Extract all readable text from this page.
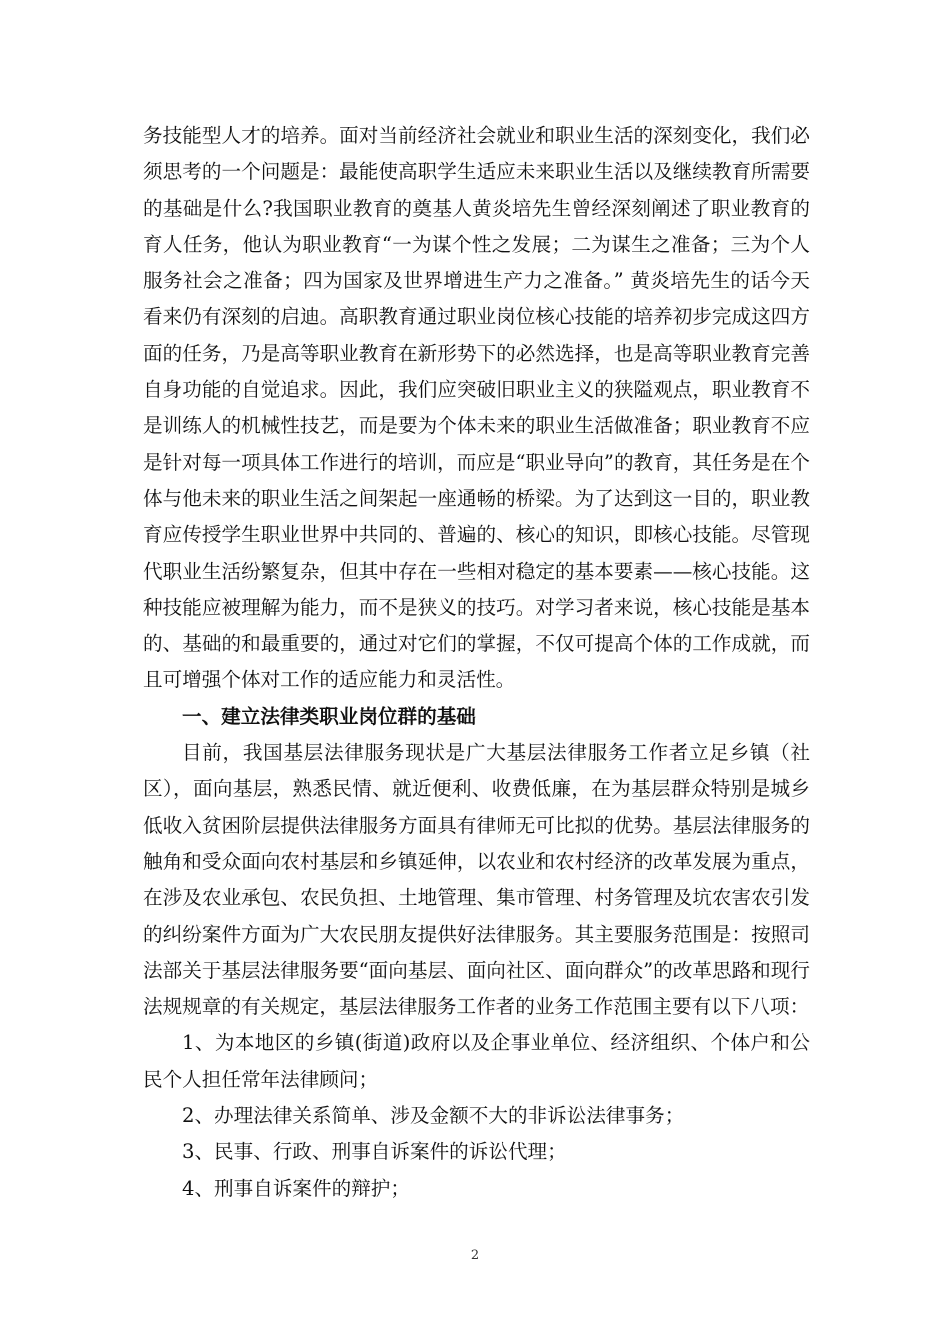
务技能型人才的培养。面对当前经济社会就业和职业生活的深刻变化，我们必须思考的一个问题是：最能使高职学生适应未来职业生活以及继续教育所需要的基础是什么?我国职业教育的奠基人黄炎培先生曾经深刻阐述了职业教育的育人任务，他认为职业教育“一为谋个性之发展；二为谋生之准备；三为个人服务社会之准备；四为国家及世界增进生产力之准备。” 黄炎培先生的话今天看来仍有深刻的启迪。高职教育通过职业岗位核心技能的培养初步完成这四方面的任务，乃是高等职业教育在新形势下的必然选择，也是高等职业教育完善自身功能的自觉追求。因此，我们应突破旧职业主义的狭隘观点，职业教育不是训练人的机械性技艺，而是要为个体未来的职业生活做准备；职业教育不应是针对每一项具体工作进行的培训，而应是“职业导向”的教育，其任务是在个体与他未来的职业生活之间架起一座通畅的桥梁。为了达到这一目的，职业教育应传授学生职业世界中共同的、普遍的、核心的知识，即核心技能。尽管现代职业生活纷繁复杂，但其中存在一些相对稳定的基本要素——核心技能。这种技能应被理解为能力，而不是狭义的技巧。对学习者来说，核心技能是基本的、基础的和最重要的，通过对它们的掌握，不仅可提高个体的工作成就，而且可增强个体对工作的适应能力和灵活性。

一、建立法律类职业岗位群的基础

目前，我国基层法律服务现状是广大基层法律服务工作者立足乡镇（社区），面向基层，熟悉民情、就近便利、收费低廉，在为基层群众特别是城乡低收入贫困阶层提供法律服务方面具有律师无可比拟的优势。基层法律服务的触角和受众面向农村基层和乡镇延伸，以农业和农村经济的改革发展为重点，在涉及农业承包、农民负担、土地管理、集市管理、村务管理及坑农害农引发的纠纷案件方面为广大农民朋友提供好法律服务。其主要服务范围是：按照司法部关于基层法律服务要“面向基层、面向社区、面向群众”的改革思路和现行法规规章的有关规定，基层法律服务工作者的业务工作范围主要有以下八项：

1、为本地区的乡镇(街道)政府以及企事业单位、经济组织、个体户和公民个人担任常年法律顾问；

2、办理法律关系简单、涉及金额不大的非诉讼法律事务；

3、民事、行政、刑事自诉案件的诉讼代理；

4、刑事自诉案件的辩护；

2
